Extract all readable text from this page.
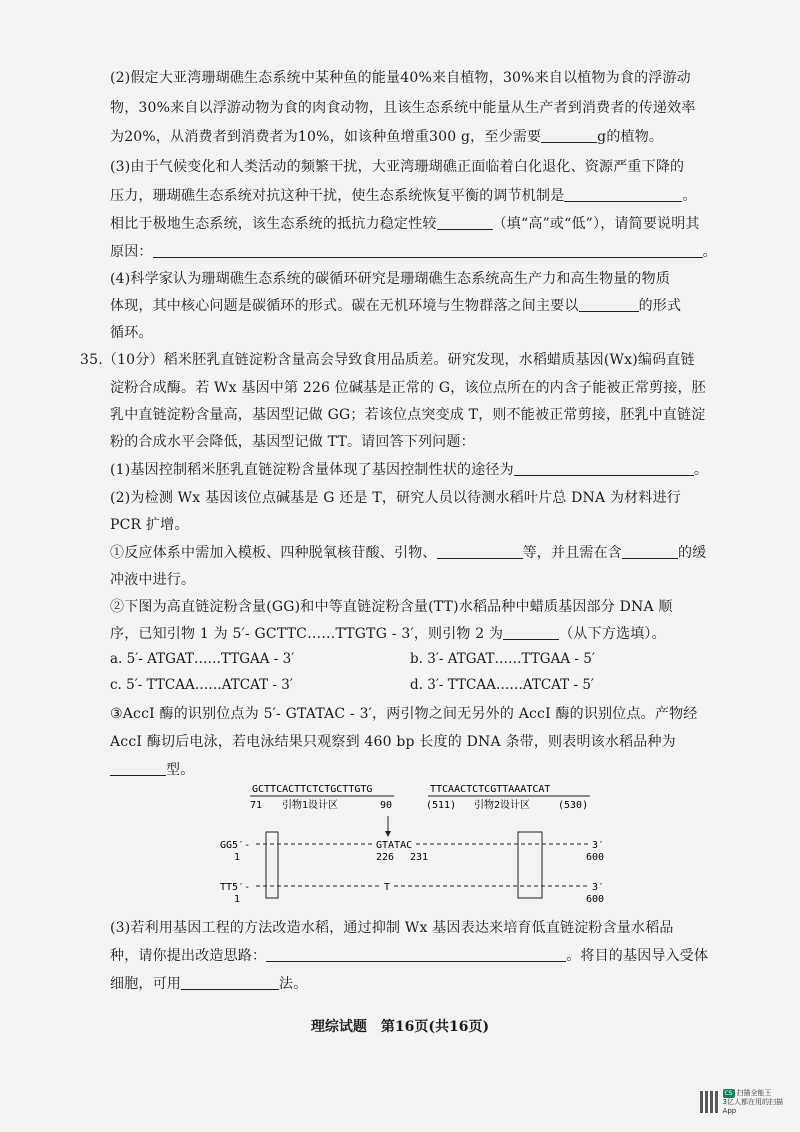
(2)假定大亚湾珊瑚礁生态系统中某种鱼的能量40%来自植物，30%来自以植物为食的浮游动
物，30%来自以浮游动物为食的肉食动物，且该生态系统中能量从生产者到消费者的传递效率
为20%，从消费者到消费者为10%，如该种鱼增重300 g，至少需要	g的植物。
(3)由于气候变化和人类活动的频繁干扰，大亚湾珊瑚礁正面临着白化退化、资源严重下降的
压力，珊瑚礁生态系统对抗这种干扰，使生态系统恢复平衡的调节机制是	。
相比于极地生态系统，该生态系统的抵抗力稳定性较	（填“高”或“低”），请简要说明其
原因：	。
(4)科学家认为珊瑚礁生态系统的碳循环研究是珊瑚礁生态系统高生产力和高生物量的物质
体现，其中核心问题是碳循环的形式。碳在无机环境与生物群落之间主要以	的形式
循环。
35.（10分）稻米胚乳直链淀粉含量高会导致食用品质差。研究发现，水稻蜡质基因(Wx)编码直链
淀粉合成酶。若 Wx 基因中第 226 位碱基是正常的 G，该位点所在的内含子能被正常剪接，胚
乳中直链淀粉含量高，基因型记做 GG；若该位点突变成 T，则不能被正常剪接，胚乳中直链淀
粉的合成水平会降低，基因型记做 TT。请回答下列问题：
(1)基因控制稻米胚乳直链淀粉含量体现了基因控制性状的途径为	。
(2)为检测 Wx 基因该位点碱基是 G 还是 T，研究人员以待测水稻叶片总 DNA 为材料进行
PCR 扩增。
①反应体系中需加入模板、四种脱氧核苷酸、引物、	等，并且需在含	的缓
冲液中进行。
②下图为高直链淀粉含量(GG)和中等直链淀粉含量(TT)水稻品种中蜡质基因部分 DNA 顺
序，已知引物 1 为 5′- GCTTC……TTGTG - 3′，则引物 2 为	（从下方选填）。
a. 5′- ATGAT……TTGAA - 3′	b. 3′- ATGAT……TTGAA - 5′
c. 5′- TTCAA……ATCAT - 3′	d. 3′- TTCAA……ATCAT - 5′
③AccI 酶的识别位点为 5′- GTATAC - 3′，两引物之间无另外的 AccI 酶的识别位点。产物经
AccI 酶切后电泳，若电泳结果只观察到 460 bp 长度的 DNA 条带，则表明该水稻品种为
型。
GCTTCACTTCTCTGCTTGTG	TTCAACTCTCGTTAAATCAT
71 引物1设计区	90	(511) 引物2设计区	(530)
GG5′-
1
GTATAC	3′
226 231	600
TT5′-
1
T	3′
600
(3)若利用基因工程的方法改造水稻，通过抑制 Wx 基因表达来培育低直链淀粉含量水稻品
种，请你提出改造思路：	。将目的基因导入受体
细胞，可用	法。
理综试题　第16页(共16页)
CS 扫描全能王
3亿人都在用的扫描App
